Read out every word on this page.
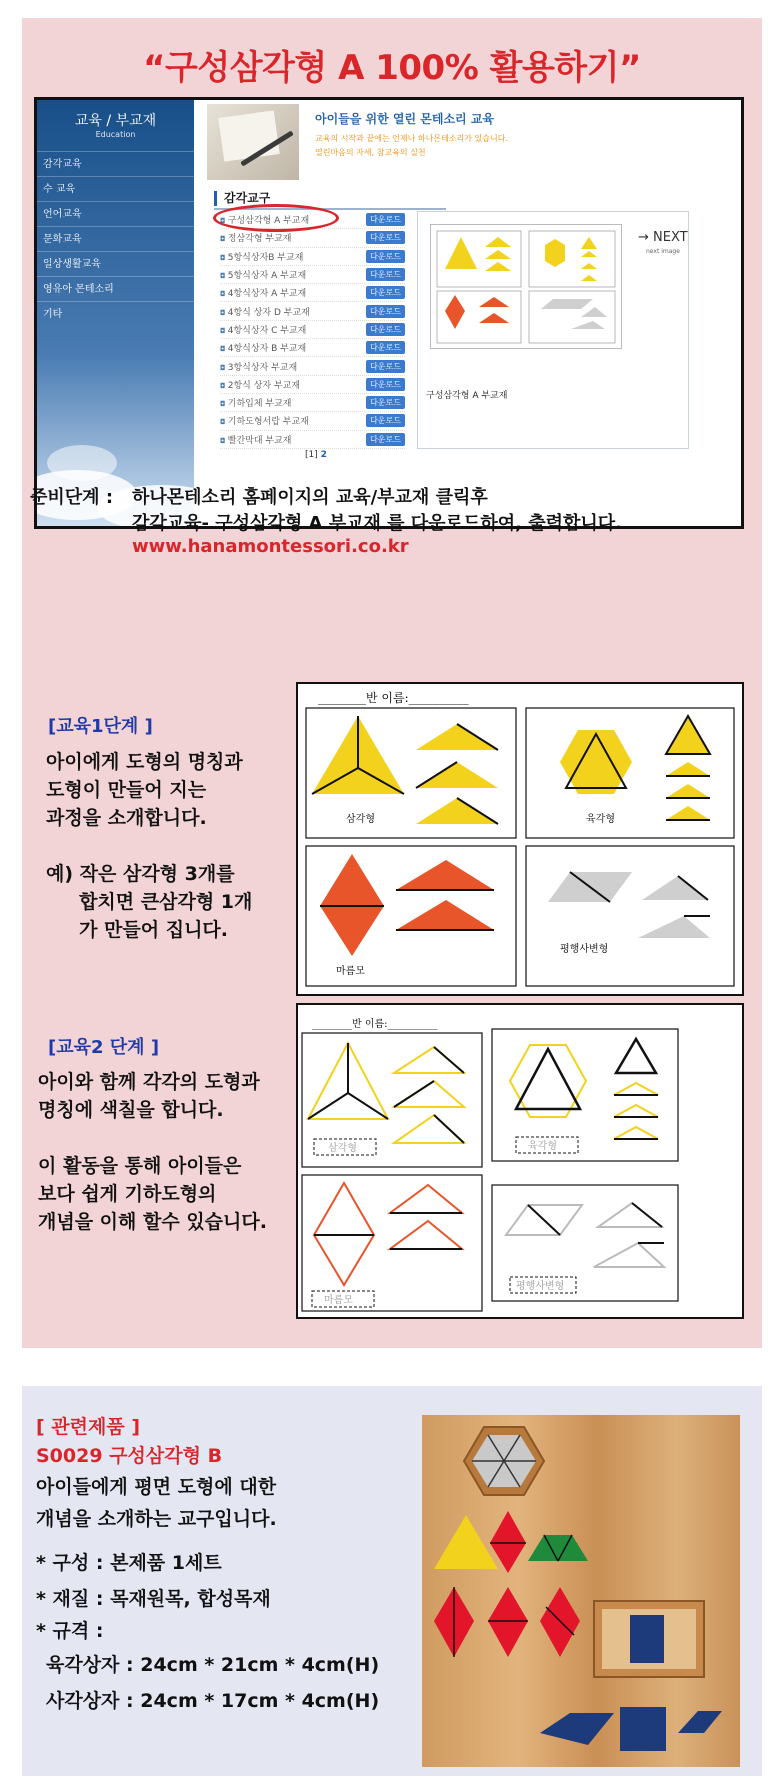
“구성삼각형 A 100% 활용하기”
교육 / 부교재
Education
감각교육
수 교육
언어교육
문화교육
일상생활교육
영유아 몬테소리
기타
아이들을 위한 열린 몬테소리 교육
교육의 시작과 끝에는 언제나 하나몬테소리가 있습니다.
열린마음의 자세, 참교육의 실천
감각교구
◘ 구성삼각형 A 부교재	다운로드
◘ 정삼각형 부교재	다운로드
◘ 5항식상자B 부교재	다운로드
◘ 5항식상자 A 부교재	다운로드
◘ 4항식상자 A 부교재	다운로드
◘ 4항식 상자 D 부교재	다운로드
◘ 4항식상자 C 부교재	다운로드
◘ 4항식상자 B 부교재	다운로드
◘ 3항식상자 부교재	다운로드
◘ 2항식 상자 부교재	다운로드
◘ 기하입체 부교재	다운로드
◘ 기하도형서랍 부교재	다운로드
◘ 빨간막대 부교재	다운로드
[1] 2
→ NEXT
next image
구성삼각형 A 부교재
준비단계 : 하나몬테소리 홈페이지의 교육/부교재 클릭후
감각교육- 구성삼각형 A 부교재 를 다운로드하여, 출력합니다.
www.hanamontessori.co.kr
[교육1단계 ]
아이에게 도형의 명칭과
도형이 만들어 지는
과정을 소개합니다.

예) 작은 삼각형 3개를
합치면 큰삼각형 1개
가 만들어 집니다.
________반 이름:__________
삼각형	육각형
마름모
평행사변형
[교육2 단계 ]
아이와 함께 각각의 도형과
명칭에 색칠을 합니다.

이 활동을 통해 아이들은
보다 쉽게 기하도형의
개념을 이해 할수 있습니다.
________반 이름:__________
삼각형	육각형
마름모
평행사변형
[ 관련제품 ]
S0029 구성삼각형 B
아이들에게 평면 도형에 대한
개념을 소개하는 교구입니다.
* 구성 : 본제품 1세트
* 재질 : 목재원목, 합성목재
* 규격 :
육각상자 : 24cm * 21cm * 4cm(H)
사각상자 : 24cm * 17cm * 4cm(H)
